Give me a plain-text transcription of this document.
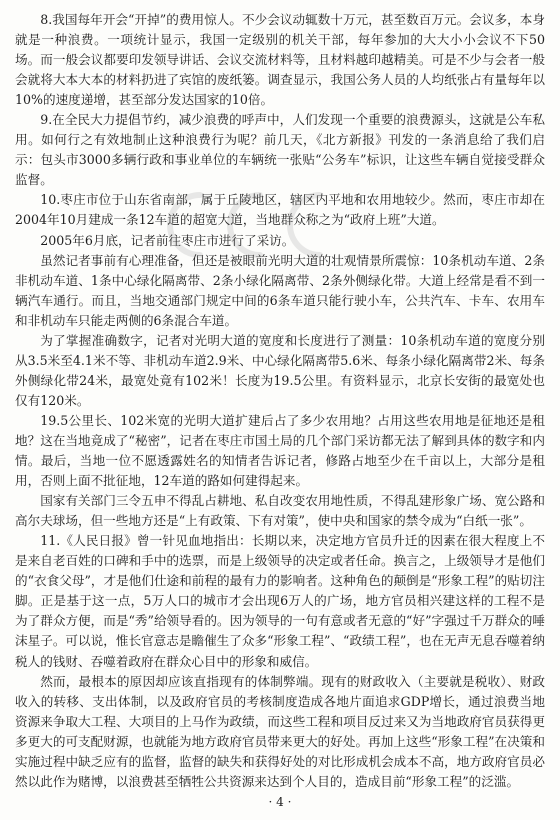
8.我国每年开会“开掉”的费用惊人。不少会议动辄数十万元，甚至数百万元。会议多，本身就是一种浪费。一项统计显示，我国一定级别的机关干部，每年参加的大大小小会议不下50场。而一般会议都要印发领导讲话、会议交流材料等，且材料越印越精美。可是不少与会者一般会就将大本大本的材料扔进了宾馆的废纸篓。调查显示，我国公务人员的人均纸张占有量每年以10%的速度递增，甚至部分发达国家的10倍。

9.在全民大力提倡节约，减少浪费的呼声中，人们发现一个重要的浪费源头，这就是公车私用。如何行之有效地制止这种浪费行为呢？前几天，《北方新报》刊发的一条消息给了我们启示：包头市3000多辆行政和事业单位的车辆统一张贴“公务车”标识，让这些车辆自觉接受群众监督。

10.枣庄市位于山东省南部，属于丘陵地区，辖区内平地和农用地较少。然而，枣庄市却在2004年10月建成一条12车道的超宽大道，当地群众称之为“政府上班”大道。

2005年6月底，记者前往枣庄市进行了采访。

虽然记者事前有心理准备，但还是被眼前光明大道的壮观情景所震惊：10条机动车道、2条非机动车道、1条中心绿化隔离带、2条小绿化隔离带、2条外侧绿化带。大道上经常是看不到一辆汽车通行。而且，当地交通部门规定中间的6条车道只能行驶小车，公共汽车、卡车、农用车和非机动车只能走两侧的6条混合车道。

为了掌握准确数字，记者对光明大道的宽度和长度进行了测量：10条机动车道的宽度分别从3.5米至4.1米不等、非机动车道2.9米、中心绿化隔离带5.6米、每条小绿化隔离带2米、每条外侧绿化带24米，最宽处竟有102米！长度为19.5公里。有资料显示，北京长安街的最宽处也仅有120米。

19.5公里长、102米宽的光明大道扩建后占了多少农用地？占用这些农用地是征地还是租地？这在当地竟成了“秘密”，记者在枣庄市国土局的几个部门采访都无法了解到具体的数字和内情。最后，当地一位不愿透露姓名的知情者告诉记者，修路占地至少在千亩以上，大部分是租用，否则上面不批征地，12车道的路如何建得起来。

国家有关部门三令五申不得乱占耕地、私自改变农用地性质，不得乱建形象广场、宽公路和高尔夫球场，但一些地方还是“上有政策、下有对策”，使中央和国家的禁令成为“白纸一张”。

11.《人民日报》曾一针见血地指出：长期以来，决定地方官员升迁的因素在很大程度上不是来自老百姓的口碑和手中的选票，而是上级领导的决定或者任命。换言之，上级领导才是他们的“衣食父母”，才是他们仕途和前程的最有力的影响者。这种角色的颠倒是“形象工程”的贴切注脚。正是基于这一点，5万人口的城市才会出现6万人的广场，地方官员相兴建这样的工程不是为了群众方便，而是“秀”给领导看的。因为领导的一句有意或者无意的“好”字强过千万群众的唾沫星子。可以说，惟长官意志是瞻催生了众多“形象工程”、“政绩工程”，也在无声无息吞噬着纳税人的钱财、吞噬着政府在群众心目中的形象和威信。

然而，最根本的原因却应该直指现有的体制弊端。现有的财政收入（主要就是税收）、财政收入的转移、支出体制，以及政府官员的考核制度造成各地片面追求GDP增长，通过浪费当地资源来争取大工程、大项目的上马作为政绩，而这些工程和项目反过来又为当地政府官员获得更多更大的可支配财源，也就能为地方政府官员带来更大的好处。再加上这些“形象工程”在决策和实施过程中缺乏应有的监督，监督的缺失和获得好处的对比形成机会成本不高，地方政府官员必然以此作为赌博，以浪费甚至牺牲公共资源来达到个人目的，造成目前“形象工程”的泛滥。

· 4 ·
